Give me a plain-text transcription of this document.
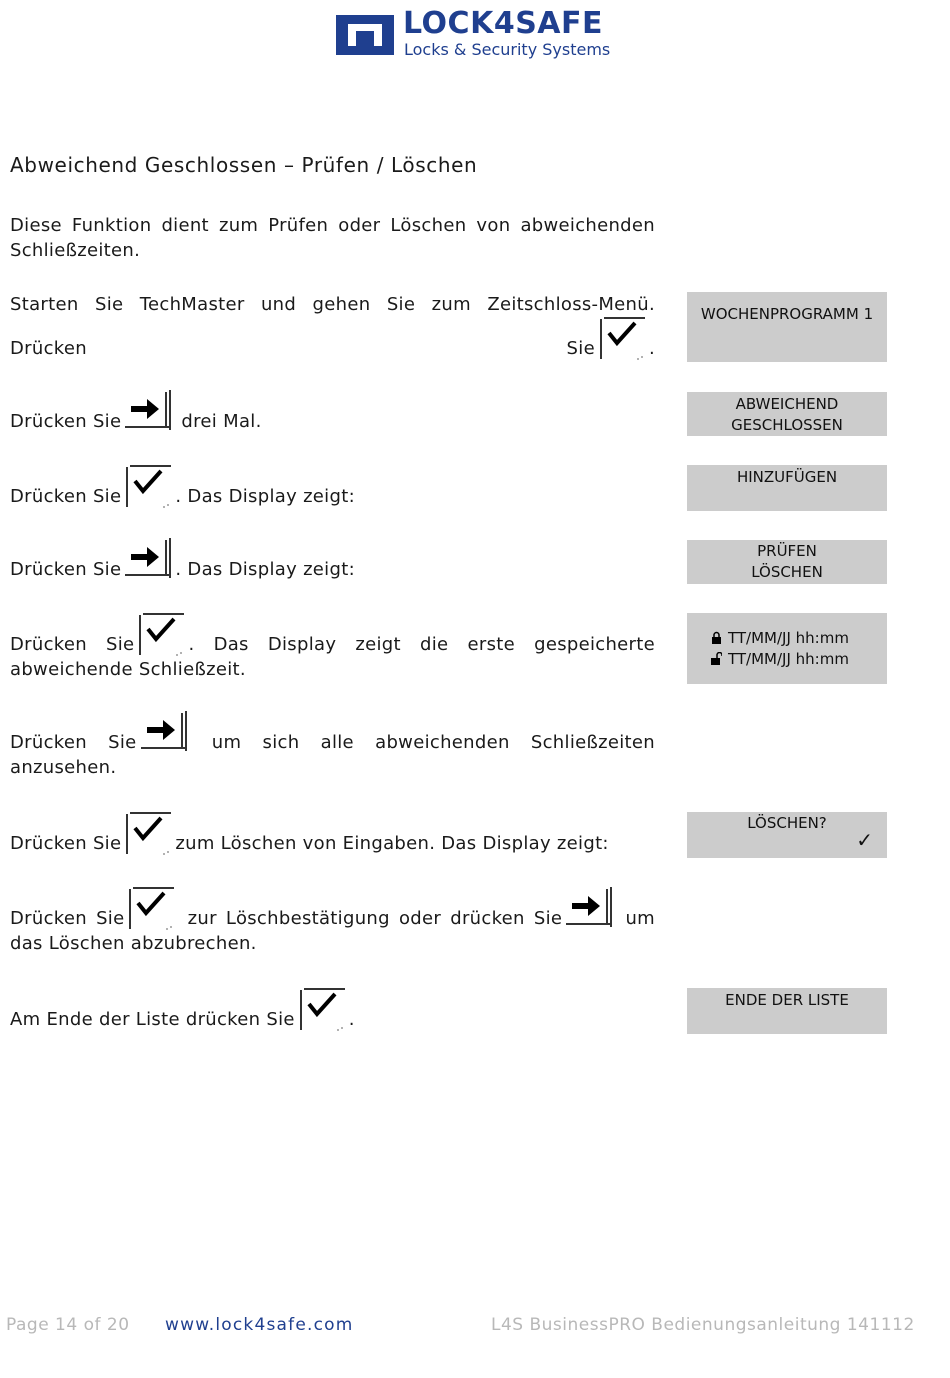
LOCK4SAFE
Locks & Security Systems
Abweichend Geschlossen – Prüfen / Löschen
Diese Funktion dient zum Prüfen oder Löschen von abweichenden Schließzeiten.
Starten Sie TechMaster und gehen Sie zum Zeitschloss-Menü. Drücken Sie	.
Drücken Sie	drei Mal.
Drücken Sie	. Das Display zeigt:
Drücken Sie	. Das Display zeigt:
Drücken Sie	. Das Display zeigt die erste gespeicherte abweichende Schließzeit.
Drücken Sie	um sich alle abweichenden Schließzeiten anzusehen.
Drücken Sie	zum Löschen von Eingaben. Das Display zeigt:
Drücken Sie	zur Löschbestätigung oder drücken Sie	um das Löschen abzubrechen.
Am Ende der Liste drücken Sie	.
WOCHENPROGRAMM 1
ABWEICHEND
GESCHLOSSEN
HINZUFÜGEN
PRÜFEN
LÖSCHEN
TT/MM/JJ hh:mm
TT/MM/JJ hh:mm
LÖSCHEN?
✓
ENDE DER LISTE
Page 14 of 20 www.lock4safe.com	L4S BusinessPRO Bedienungsanleitung 141112
